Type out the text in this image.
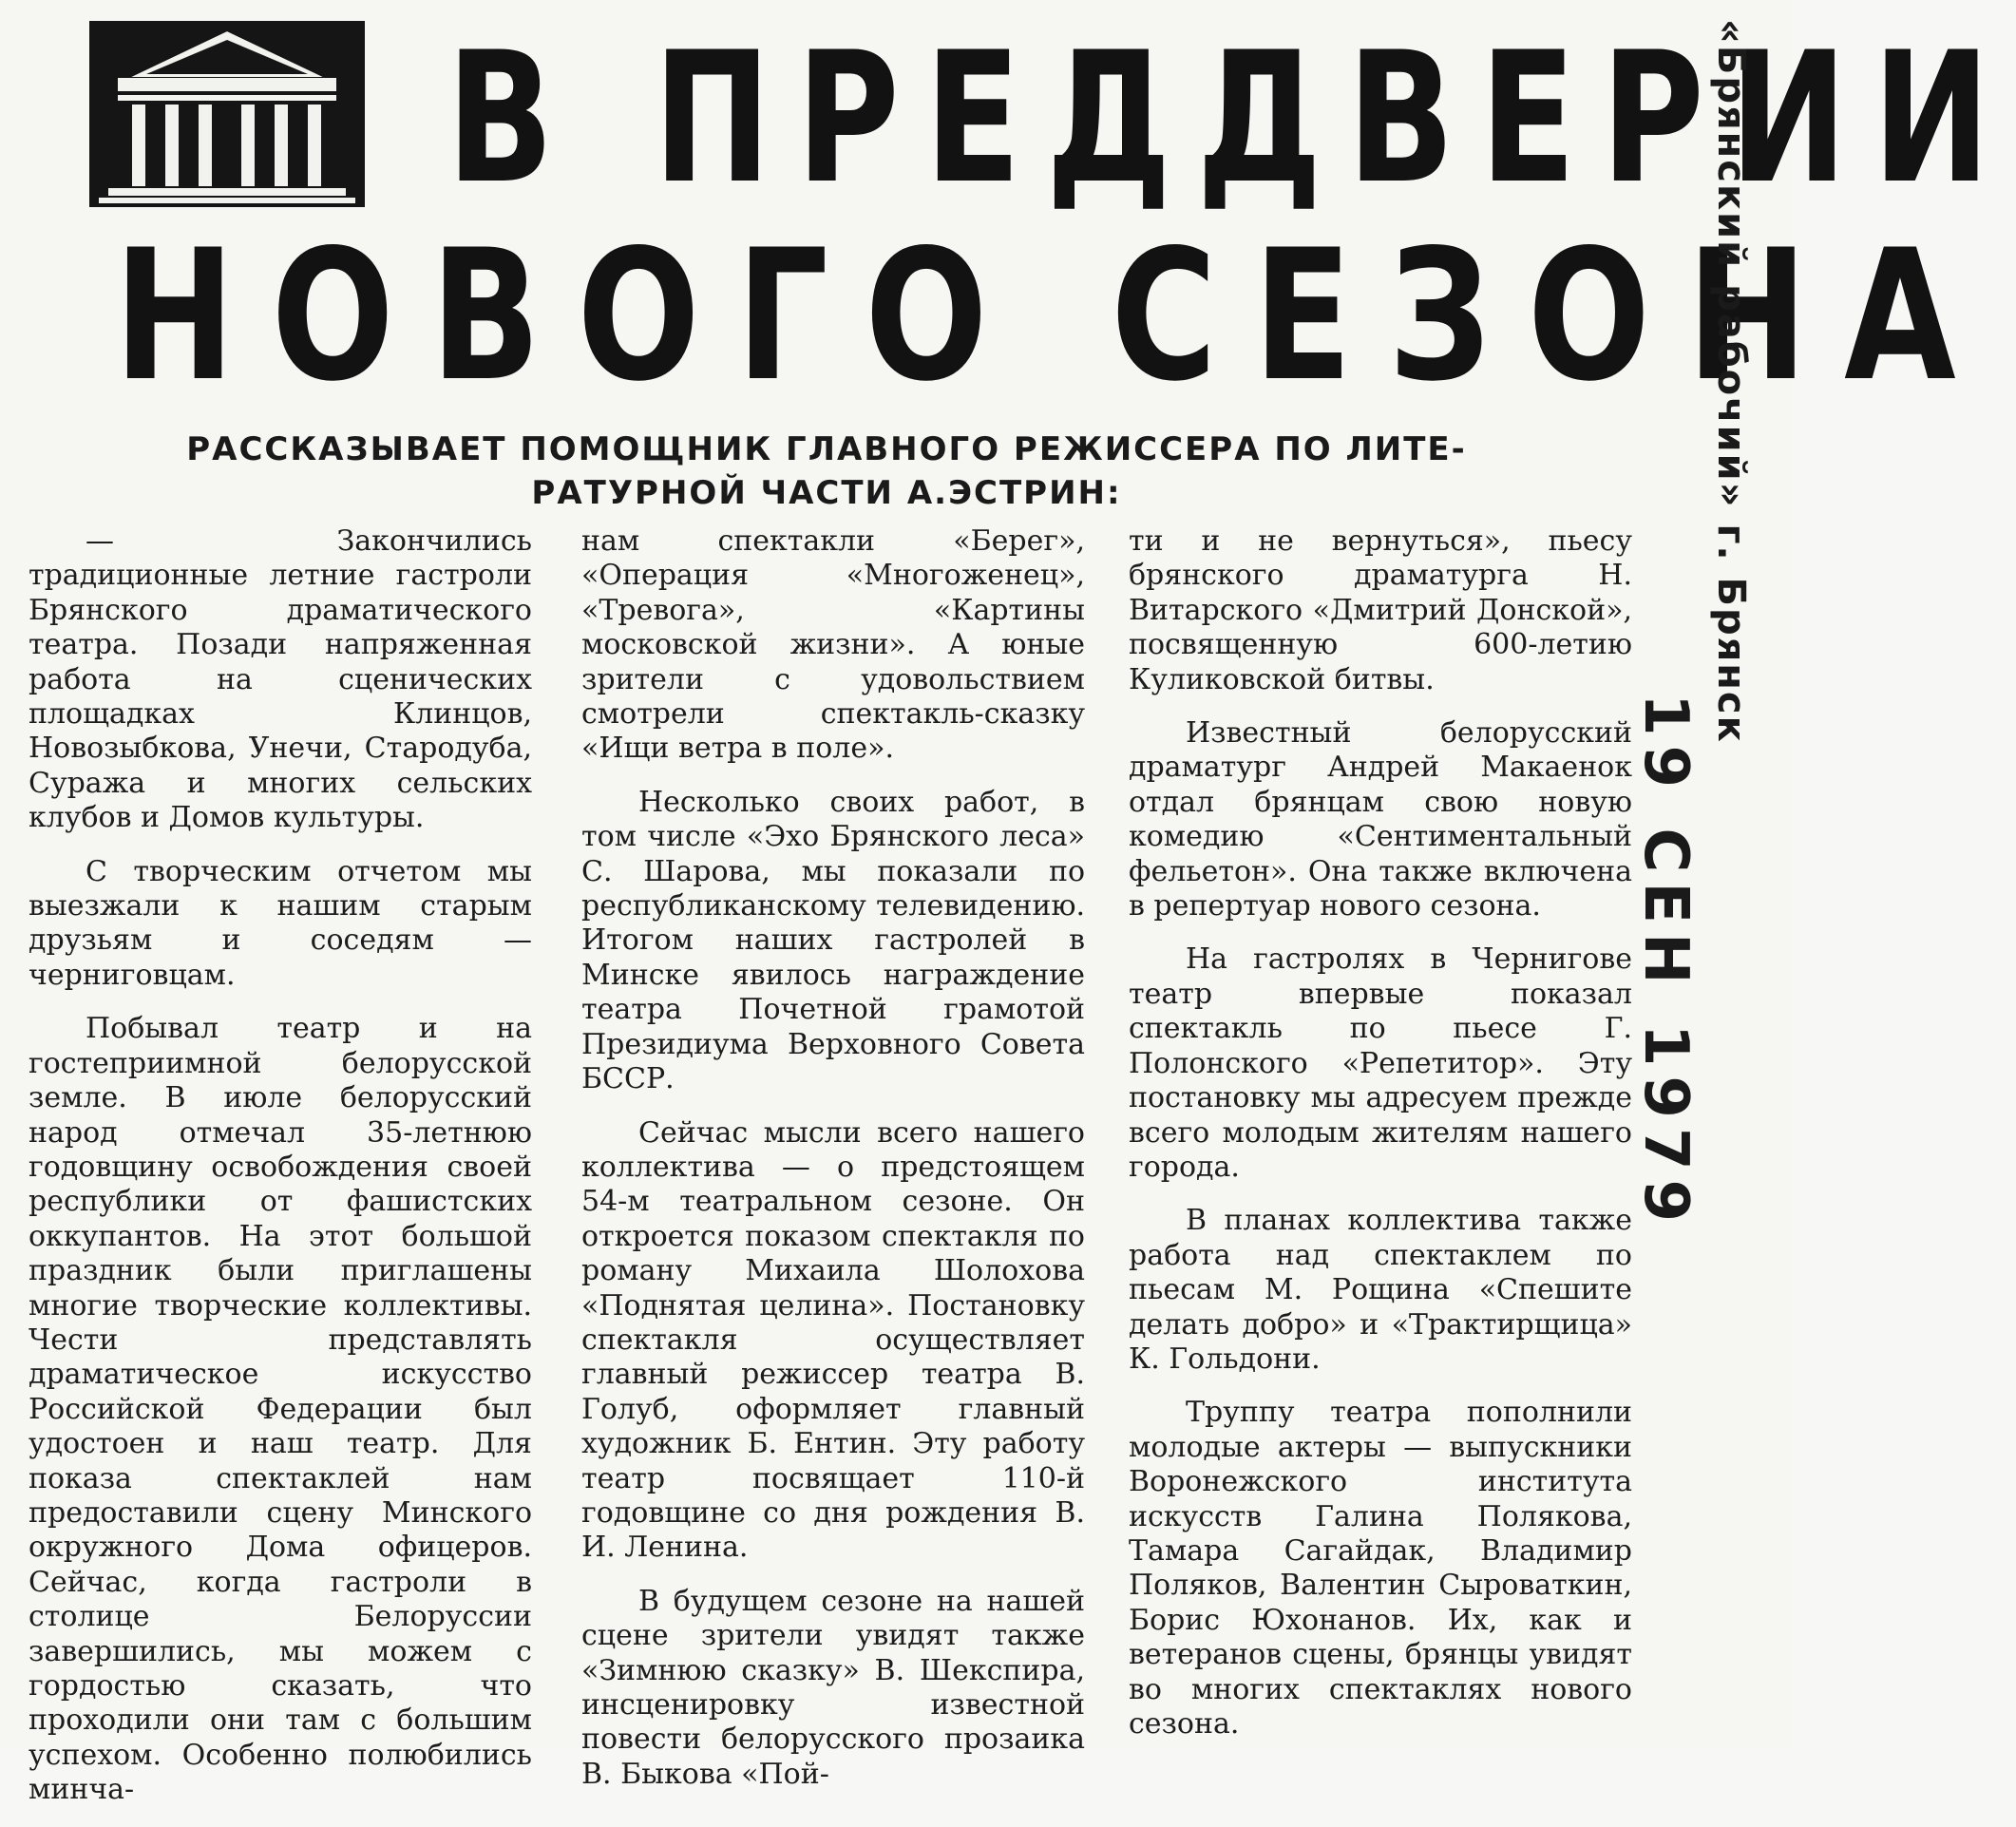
В ПРЕДДВЕРИИ
НОВОГО СЕЗОНА
РАССКАЗЫВАЕТ ПОМОЩНИК ГЛАВНОГО РЕЖИССЕРА ПО ЛИТЕ-
РАТУРНОЙ ЧАСТИ А.ЭСТРИН:

— Закончились традиционные летние гастроли Брянского драматического театра. Позади напряженная работа на сценических площадках Клинцов, Новозыбкова, Унечи, Стародуба, Суража и многих сельских клубов и Домов культуры.

С творческим отчетом мы выезжали к нашим старым друзьям и соседям — черниговцам.

Побывал театр и на гостеприимной белорусской земле. В июле белорусский народ отмечал 35-летнюю годовщину освобождения своей республики от фашистских оккупантов. На этот большой праздник были приглашены многие творческие коллективы. Чести представлять драматическое искусство Российской Федерации был удостоен и наш театр. Для показа спектаклей нам предоставили сцену Минского окружного Дома офицеров. Сейчас, когда гастроли в столице Белоруссии завершились, мы можем с гордостью сказать, что проходили они там с большим успехом. Особенно полюбились минча-

нам спектакли «Берег», «Операция «Многоженец», «Тревога», «Картины московской жизни». А юные зрители с удовольствием смотрели спектакль-сказку «Ищи ветра в поле».

Несколько своих работ, в том числе «Эхо Брянского леса» С. Шарова, мы показали по республиканскому телевидению. Итогом наших гастролей в Минске явилось награждение театра Почетной грамотой Президиума Верховного Совета БССР.

Сейчас мысли всего нашего коллектива — о предстоящем 54-м театральном сезоне. Он откроется показом спектакля по роману Михаила Шолохова «Поднятая целина». Постановку спектакля осуществляет главный режиссер театра В. Голуб, оформляет главный художник Б. Ентин. Эту работу театр посвящает 110-й годовщине со дня рождения В. И. Ленина.

В будущем сезоне на нашей сцене зрители увидят также «Зимнюю сказку» В. Шекспира, инсценировку известной повести белорусского прозаика В. Быкова «Пой-

ти и не вернуться», пьесу брянского драматурга Н. Витарского «Дмитрий Донской», посвященную 600-летию Куликовской битвы.

Известный белорусский драматург Андрей Макаенок отдал брянцам свою новую комедию «Сентиментальный фельетон». Она также включена в репертуар нового сезона.

На гастролях в Чернигове театр впервые показал спектакль по пьесе Г. Полонского «Репетитор». Эту постановку мы адресуем прежде всего молодым жителям нашего города.

В планах коллектива также работа над спектаклем по пьесам М. Рощина «Спешите делать добро» и «Трактирщица» К. Гольдони.

Труппу театра пополнили молодые актеры — выпускники Воронежского института искусств Галина Полякова, Тамара Сагайдак, Владимир Поляков, Валентин Сыроваткин, Борис Юхонанов. Их, как и ветеранов сцены, брянцы увидят во многих спектаклях нового сезона.

«Брянский рабочий» г. Брянск
19 СЕН 1979
